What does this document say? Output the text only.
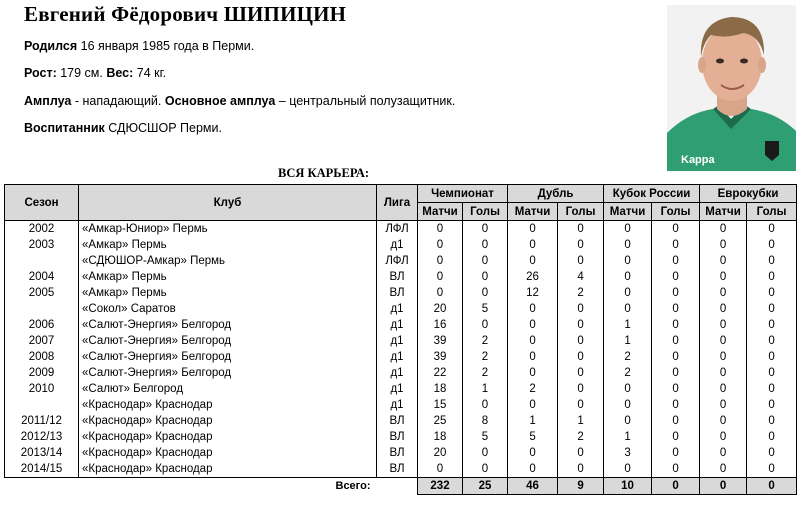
Евгений Фёдорович ШИПИЦИН
Родился 16 января 1985 года в Перми.
Рост: 179 см. Вес: 74 кг.
Амплуа - нападающий. Основное амплуа – центральный полузащитник.
Воспитанник СДЮСШОР Перми.
Kappa
ВСЯ КАРЬЕРА:
Сезон	Клуб	Лига	Чемпионат		Дубль		Кубок России		Еврокубки	
			Матчи	Голы	Матчи	Голы	Матчи	Голы	Матчи	Голы
2002	«Амкар-Юниор» Пермь	ЛФЛ	0	0	0	0	0	0	0	0
2003	«Амкар» Пермь	д1	0	0	0	0	0	0	0	0
	«СДЮШОР-Амкар» Пермь	ЛФЛ	0	0	0	0	0	0	0	0
2004	«Амкар» Пермь	ВЛ	0	0	26	4	0	0	0	0
2005	«Амкар» Пермь	ВЛ	0	0	12	2	0	0	0	0
	«Сокол» Саратов	д1	20	5	0	0	0	0	0	0
2006	«Салют-Энергия» Белгород	д1	16	0	0	0	1	0	0	0
2007	«Салют-Энергия» Белгород	д1	39	2	0	0	1	0	0	0
2008	«Салют-Энергия» Белгород	д1	39	2	0	0	2	0	0	0
2009	«Салют-Энергия» Белгород	д1	22	2	0	0	2	0	0	0
2010	«Салют» Белгород	д1	18	1	2	0	0	0	0	0
	«Краснодар» Краснодар	д1	15	0	0	0	0	0	0	0
2011/12	«Краснодар» Краснодар	ВЛ	25	8	1	1	0	0	0	0
2012/13	«Краснодар» Краснодар	ВЛ	18	5	5	2	1	0	0	0
2013/14	«Краснодар» Краснодар	ВЛ	20	0	0	0	3	0	0	0
2014/15	«Краснодар» Краснодар	ВЛ	0	0	0	0	0	0	0	0
	Всего:		232	25	46	9	10	0	0	0
